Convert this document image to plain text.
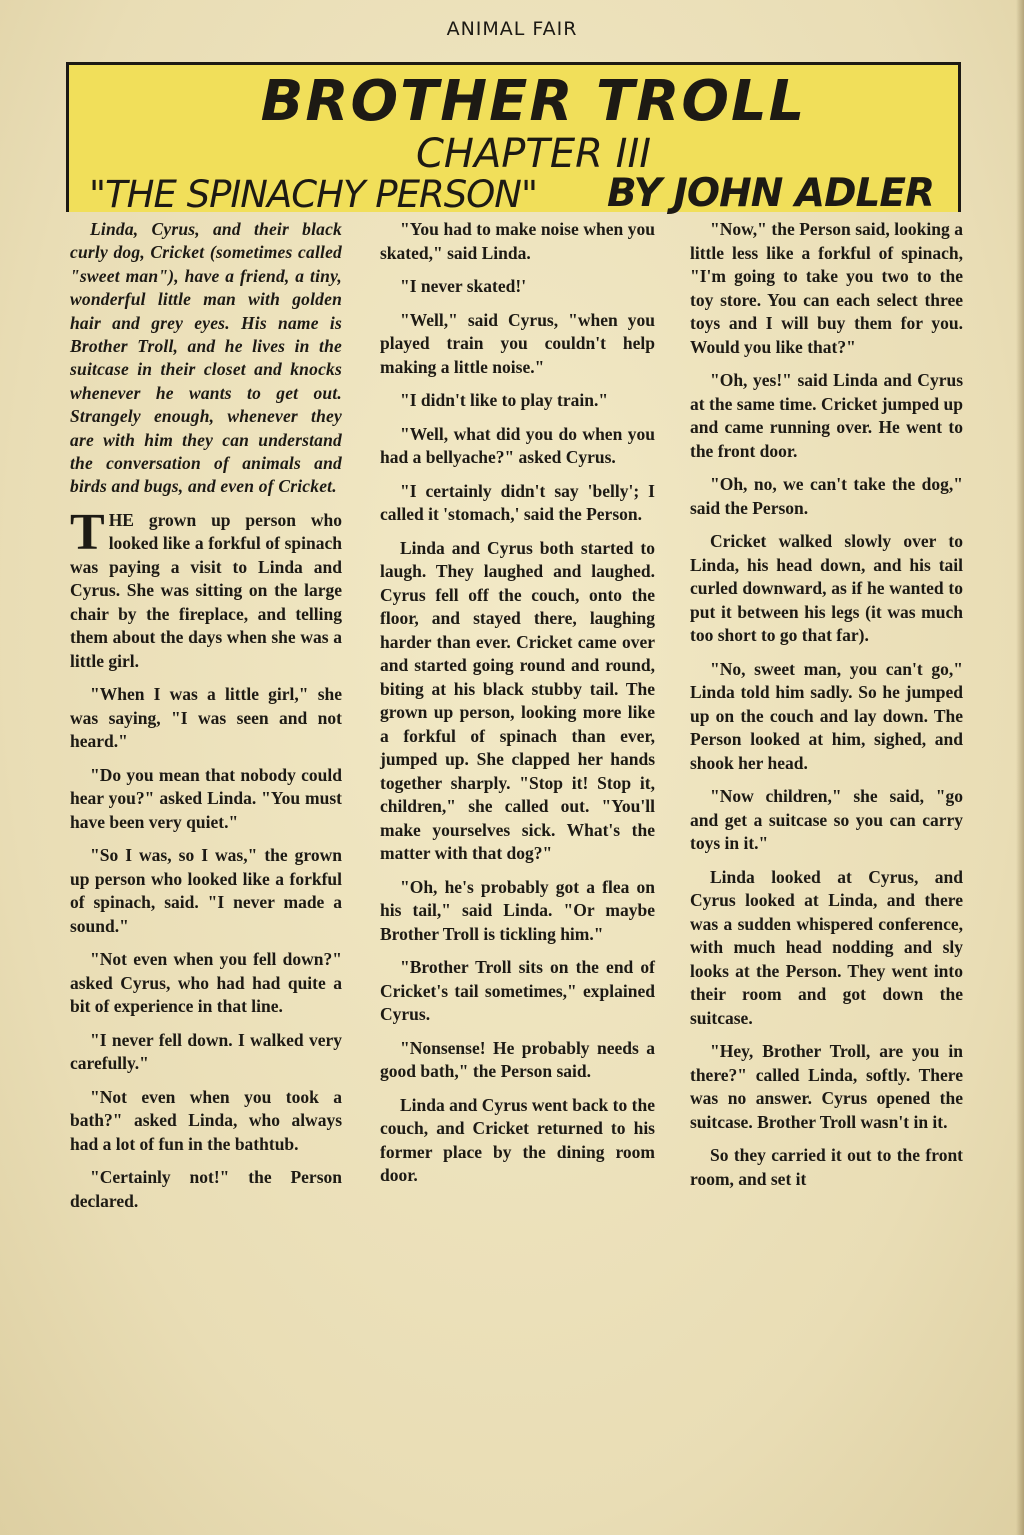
ANIMAL FAIR
BROTHER TROLL
CHAPTER III
"THE SPINACHY PERSON" BY JOHN ADLER

Linda, Cyrus, and their black curly dog, Cricket (sometimes called "sweet man"), have a friend, a tiny, wonderful little man with golden hair and grey eyes. His name is Brother Troll, and he lives in the suitcase in their closet and knocks whenever he wants to get out. Strangely enough, whenever they are with him they can understand the conversation of animals and birds and bugs, and even of Cricket.

THE grown up person who looked like a forkful of spinach was paying a visit to Linda and Cyrus. She was sitting on the large chair by the fireplace, and telling them about the days when she was a little girl.

"When I was a little girl," she was saying, "I was seen and not heard."

"Do you mean that nobody could hear you?" asked Linda. "You must have been very quiet."

"So I was, so I was," the grown up person who looked like a forkful of spinach, said. "I never made a sound."

"Not even when you fell down?" asked Cyrus, who had had quite a bit of experience in that line.

"I never fell down. I walked very carefully."

"Not even when you took a bath?" asked Linda, who always had a lot of fun in the bathtub.

"Certainly not!" the Person declared.

"You had to make noise when you skated," said Linda.

"I never skated!'

"Well," said Cyrus, "when you played train you couldn't help making a little noise."

"I didn't like to play train."

"Well, what did you do when you had a bellyache?" asked Cyrus.

"I certainly didn't say 'belly'; I called it 'stomach,' said the Person.

Linda and Cyrus both started to laugh. They laughed and laughed. Cyrus fell off the couch, onto the floor, and stayed there, laughing harder than ever. Cricket came over and started going round and round, biting at his black stubby tail. The grown up person, looking more like a forkful of spinach than ever, jumped up. She clapped her hands together sharply. "Stop it! Stop it, children," she called out. "You'll make yourselves sick. What's the matter with that dog?"

"Oh, he's probably got a flea on his tail," said Linda. "Or maybe Brother Troll is tickling him."

"Brother Troll sits on the end of Cricket's tail sometimes," explained Cyrus.

"Nonsense! He probably needs a good bath," the Person said.

Linda and Cyrus went back to the couch, and Cricket returned to his former place by the dining room door.

"Now," the Person said, looking a little less like a forkful of spinach, "I'm going to take you two to the toy store. You can each select three toys and I will buy them for you. Would you like that?"

"Oh, yes!" said Linda and Cyrus at the same time. Cricket jumped up and came running over. He went to the front door.

"Oh, no, we can't take the dog," said the Person.

Cricket walked slowly over to Linda, his head down, and his tail curled downward, as if he wanted to put it between his legs (it was much too short to go that far).

"No, sweet man, you can't go," Linda told him sadly. So he jumped up on the couch and lay down. The Person looked at him, sighed, and shook her head.

"Now children," she said, "go and get a suitcase so you can carry toys in it."

Linda looked at Cyrus, and Cyrus looked at Linda, and there was a sudden whispered conference, with much head nodding and sly looks at the Person. They went into their room and got down the suitcase.

"Hey, Brother Troll, are you in there?" called Linda, softly. There was no answer. Cyrus opened the suitcase. Brother Troll wasn't in it.

So they carried it out to the front room, and set it
